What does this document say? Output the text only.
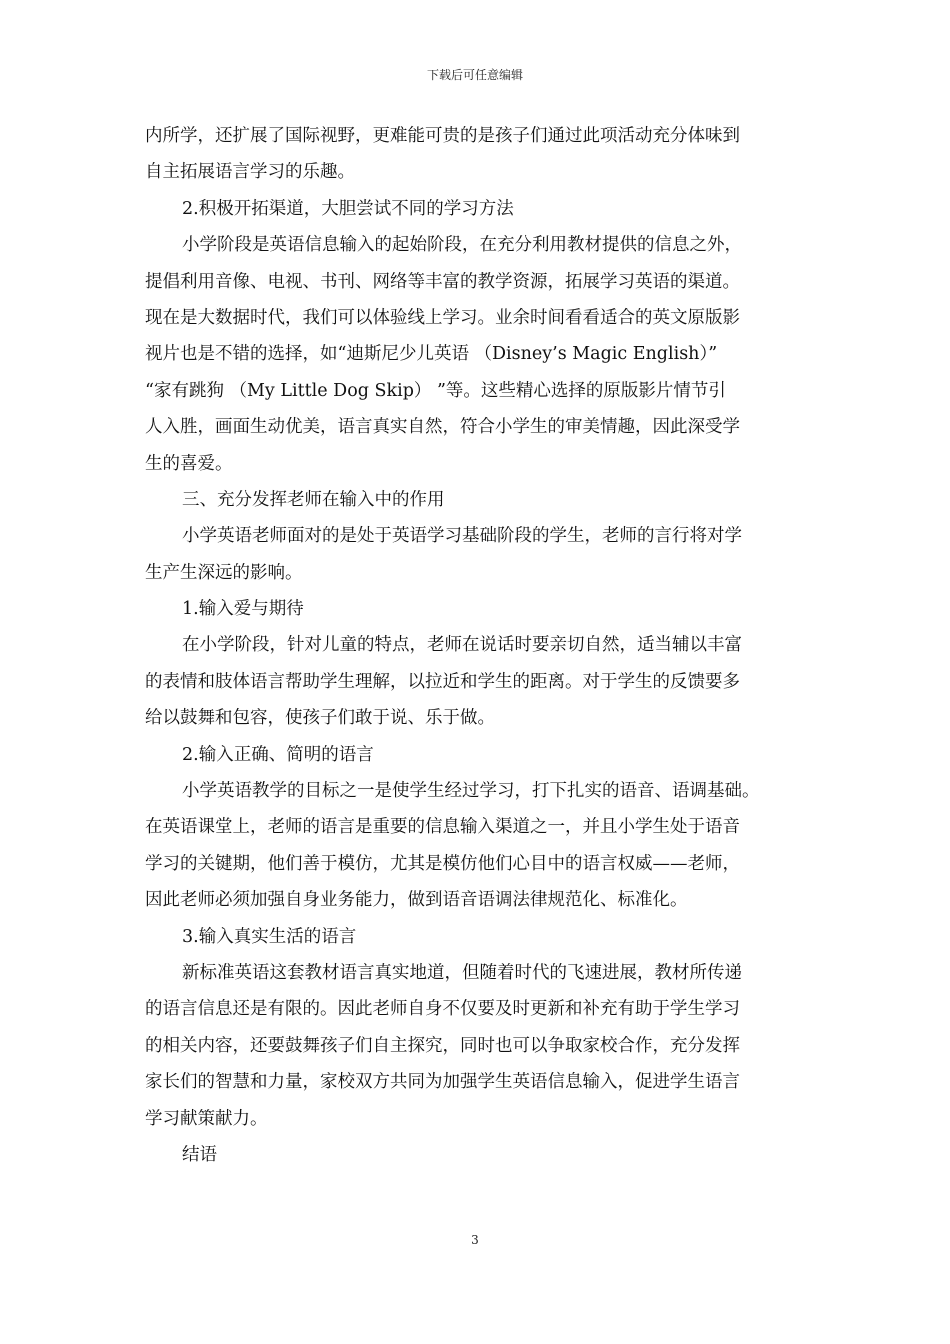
下载后可任意编辑
内所学，还扩展了国际视野，更难能可贵的是孩子们通过此项活动充分体味到
自主拓展语言学习的乐趣。
2.积极开拓渠道，大胆尝试不同的学习方法
小学阶段是英语信息输入的起始阶段，在充分利用教材提供的信息之外，
提倡利用音像、电视、书刊、网络等丰富的教学资源，拓展学习英语的渠道。
现在是大数据时代，我们可以体验线上学习。业余时间看看适合的英文原版影
视片也是不错的选择，如“迪斯尼少儿英语 （Disney’s Magic English）”
“家有跳狗 （My Little Dog Skip） ”等。这些精心选择的原版影片情节引
人入胜，画面生动优美，语言真实自然，符合小学生的审美情趣，因此深受学
生的喜爱。
三、充分发挥老师在输入中的作用
小学英语老师面对的是处于英语学习基础阶段的学生，老师的言行将对学
生产生深远的影响。
1.输入爱与期待
在小学阶段，针对儿童的特点，老师在说话时要亲切自然，适当辅以丰富
的表情和肢体语言帮助学生理解，以拉近和学生的距离。对于学生的反馈要多
给以鼓舞和包容，使孩子们敢于说、乐于做。
2.输入正确、简明的语言
小学英语教学的目标之一是使学生经过学习，打下扎实的语音、语调基础。
在英语课堂上，老师的语言是重要的信息输入渠道之一，并且小学生处于语音
学习的关键期，他们善于模仿，尤其是模仿他们心目中的语言权威——老师，
因此老师必须加强自身业务能力，做到语音语调法律规范化、标准化。
3.输入真实生活的语言
新标准英语这套教材语言真实地道，但随着时代的飞速进展，教材所传递
的语言信息还是有限的。因此老师自身不仅要及时更新和补充有助于学生学习
的相关内容，还要鼓舞孩子们自主探究，同时也可以争取家校合作，充分发挥
家长们的智慧和力量，家校双方共同为加强学生英语信息输入，促进学生语言
学习献策献力。
结语
3
